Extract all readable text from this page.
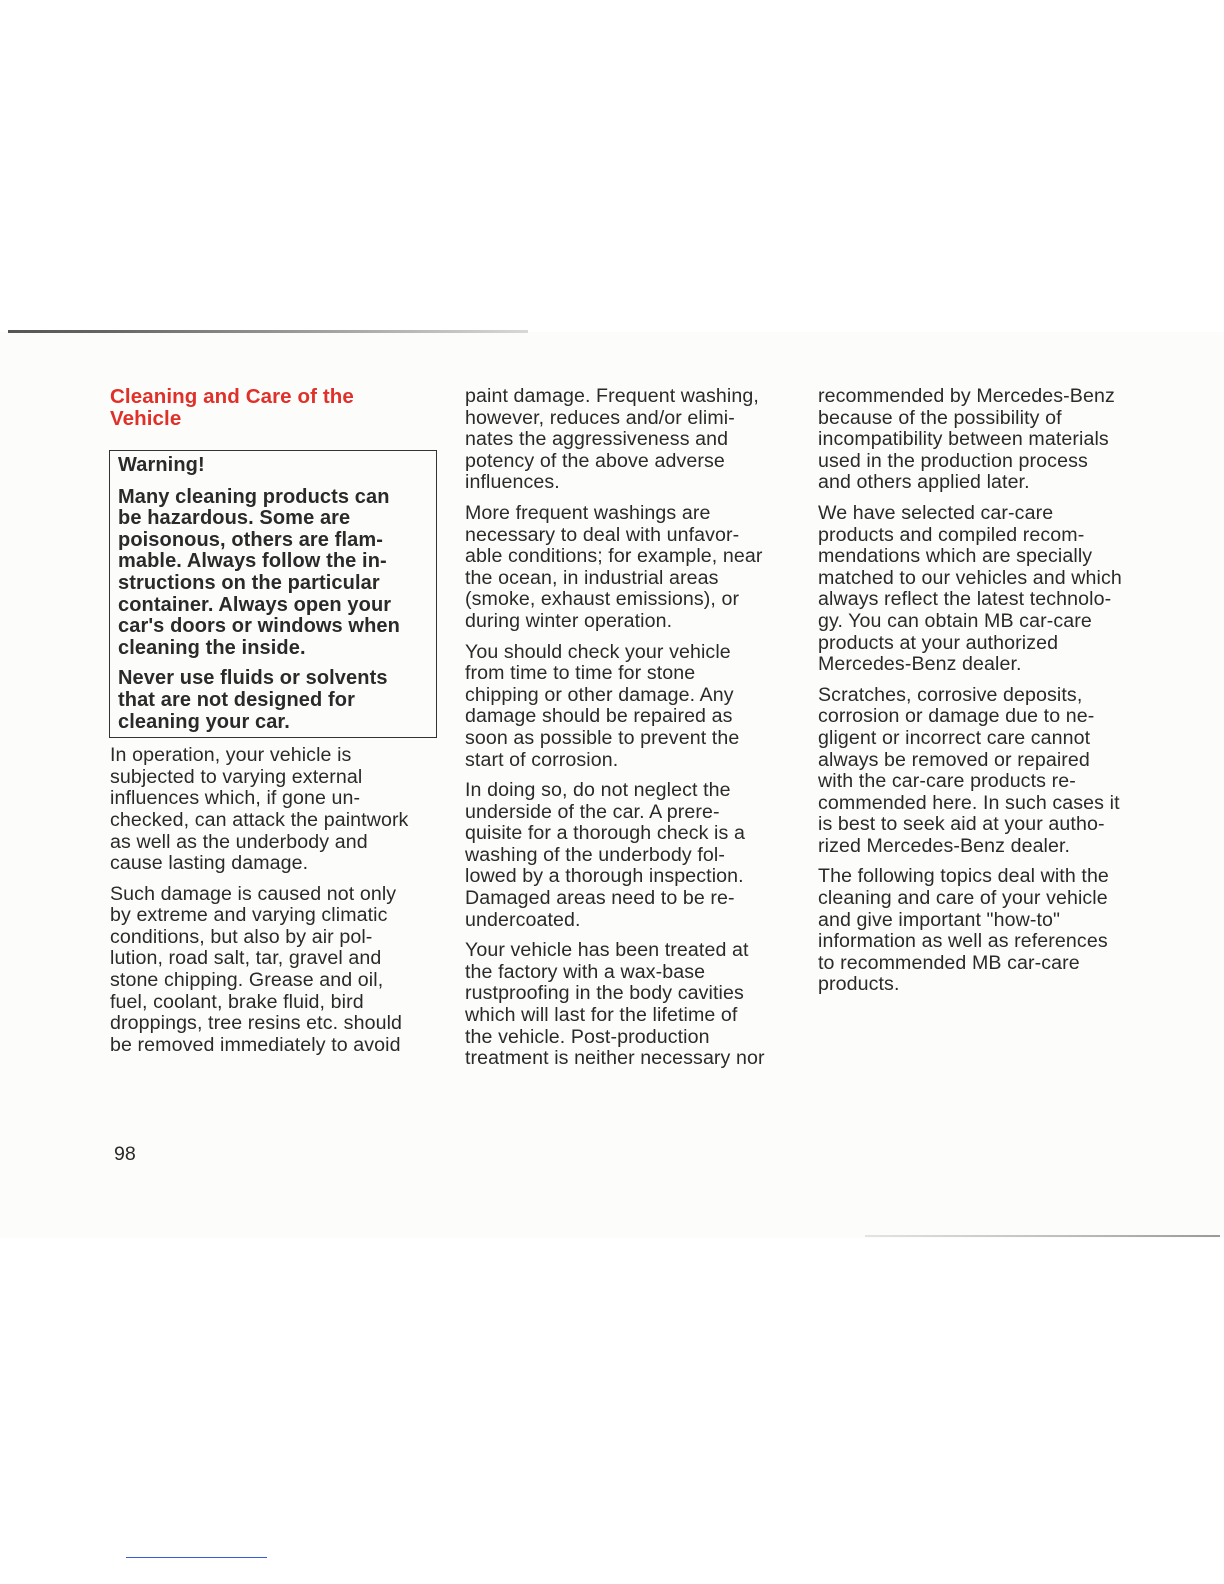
Cleaning and Care of the
Vehicle
Warning!

Many cleaning products can
be hazardous. Some are
poisonous, others are flam-
mable. Always follow the in-
structions on the particular
container. Always open your
car's doors or windows when
cleaning the inside.

Never use fluids or solvents
that are not designed for
cleaning your car.

In operation, your vehicle is
subjected to varying external
influences which, if gone un-
checked, can attack the paintwork
as well as the underbody and
cause lasting damage.

Such damage is caused not only
by extreme and varying climatic
conditions, but also by air pol-
lution, road salt, tar, gravel and
stone chipping. Grease and oil,
fuel, coolant, brake fluid, bird
droppings, tree resins etc. should
be removed immediately to avoid

paint damage. Frequent washing,
however, reduces and/or elimi-
nates the aggressiveness and
potency of the above adverse
influences.

More frequent washings are
necessary to deal with unfavor-
able conditions; for example, near
the ocean, in industrial areas
(smoke, exhaust emissions), or
during winter operation.

You should check your vehicle
from time to time for stone
chipping or other damage. Any
damage should be repaired as
soon as possible to prevent the
start of corrosion.

In doing so, do not neglect the
underside of the car. A prere-
quisite for a thorough check is a
washing of the underbody fol-
lowed by a thorough inspection.
Damaged areas need to be re-
undercoated.

Your vehicle has been treated at
the factory with a wax-base
rustproofing in the body cavities
which will last for the lifetime of
the vehicle. Post-production
treatment is neither necessary nor

recommended by Mercedes-Benz
because of the possibility of
incompatibility between materials
used in the production process
and others applied later.

We have selected car-care
products and compiled recom-
mendations which are specially
matched to our vehicles and which
always reflect the latest technolo-
gy. You can obtain MB car-care
products at your authorized
Mercedes-Benz dealer.

Scratches, corrosive deposits,
corrosion or damage due to ne-
gligent or incorrect care cannot
always be removed or repaired
with the car-care products re-
commended here. In such cases it
is best to seek aid at your autho-
rized Mercedes-Benz dealer.

The following topics deal with the
cleaning and care of your vehicle
and give important "how-to"
information as well as references
to recommended MB car-care
products.

98
